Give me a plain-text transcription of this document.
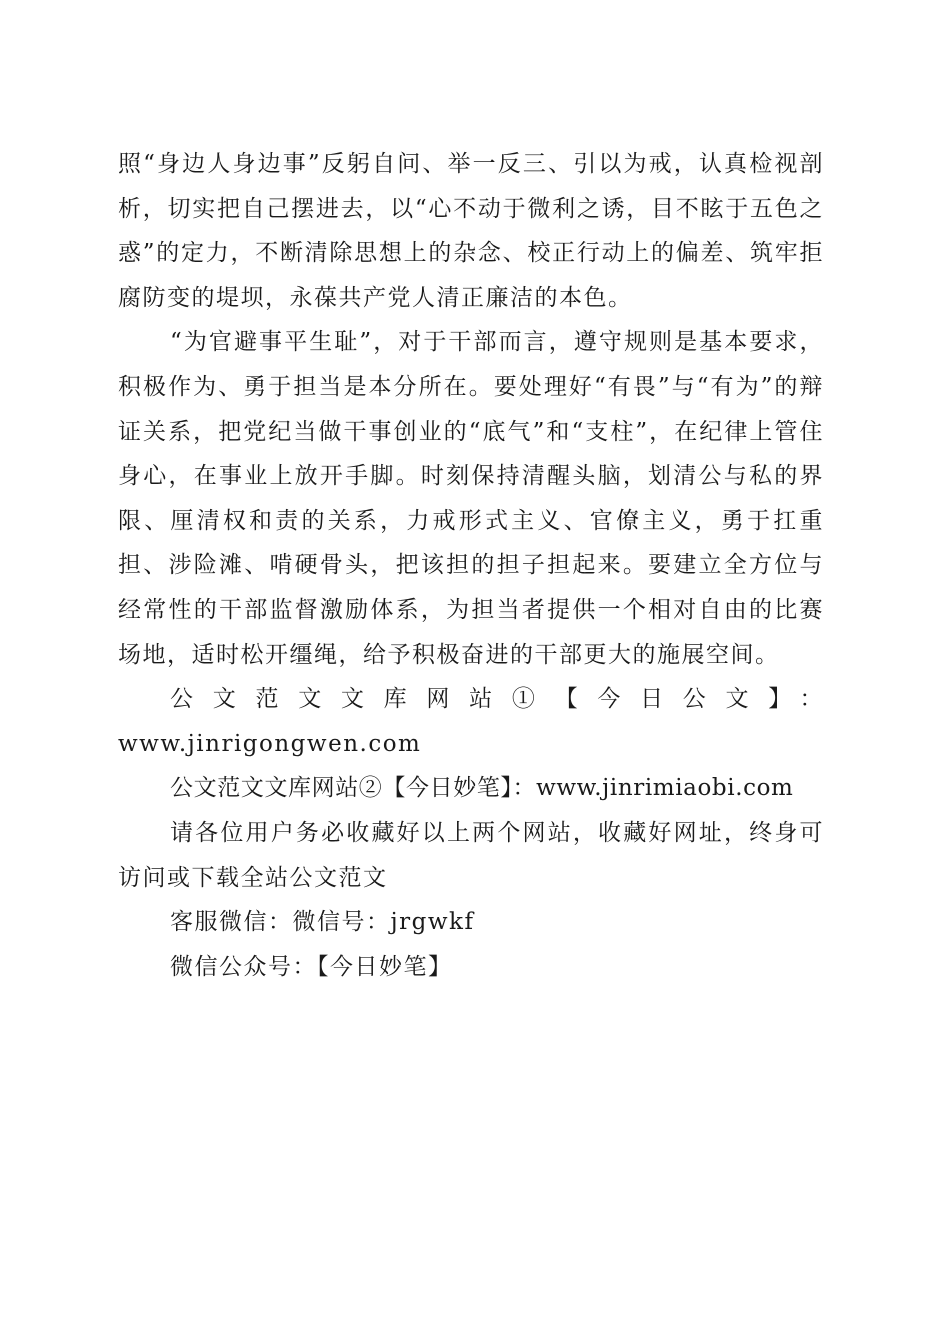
照“身边人身边事”反躬自问、举一反三、引以为戒，认真检视剖析，切实把自己摆进去，以“心不动于微利之诱，目不眩于五色之惑”的定力，不断清除思想上的杂念、校正行动上的偏差、筑牢拒腐防变的堤坝，永葆共产党人清正廉洁的本色。

“为官避事平生耻”，对于干部而言，遵守规则是基本要求，积极作为、勇于担当是本分所在。要处理好“有畏”与“有为”的辩证关系，把党纪当做干事创业的“底气”和“支柱”，在纪律上管住身心，在事业上放开手脚。时刻保持清醒头脑，划清公与私的界限、厘清权和责的关系，力戒形式主义、官僚主义，勇于扛重担、涉险滩、啃硬骨头，把该担的担子担起来。要建立全方位与经常性的干部监督激励体系，为担当者提供一个相对自由的比赛场地，适时松开缰绳，给予积极奋进的干部更大的施展空间。

公文范文文库网站①【今日公文】：

www.jinrigongwen.com

公文范文文库网站②【今日妙笔】：www.jinrimiaobi.com

请各位用户务必收藏好以上两个网站，收藏好网址，终身可访问或下载全站公文范文

客服微信：微信号：jrgwkf

微信公众号：【今日妙笔】
